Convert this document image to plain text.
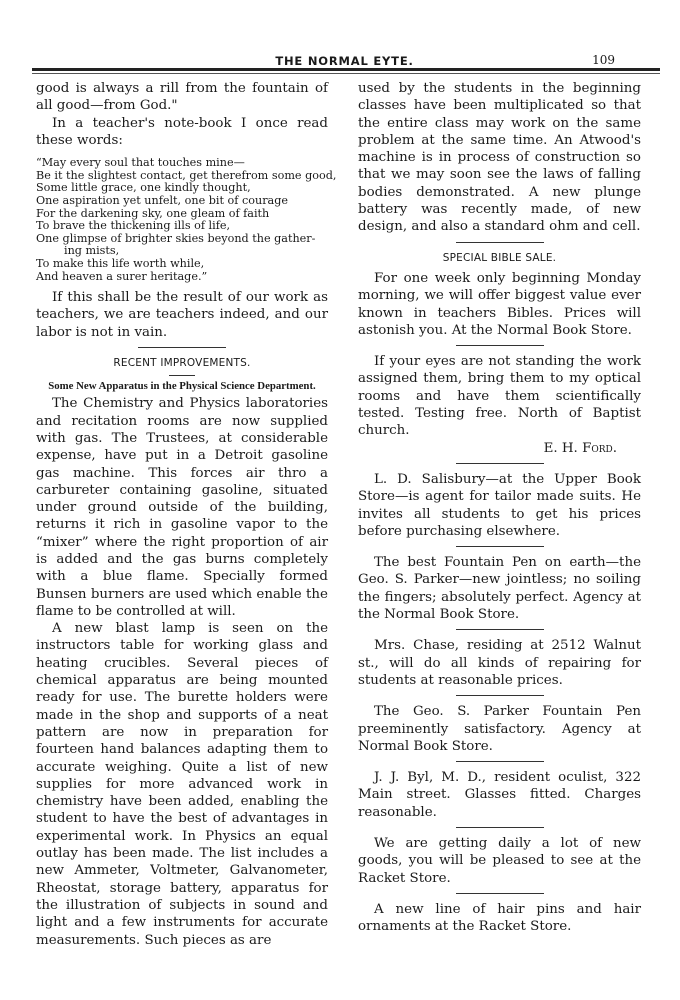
THE NORMAL EYTE.	109

good is always a rill from the fountain of all good—from God."

In a teacher's note-book I once read these words:

“May every soul that touches mine—
Be it the slightest contact, get therefrom some good,
Some little grace, one kindly thought,
One aspiration yet unfelt, one bit of courage
For the darkening sky, one gleam of faith
To brave the thickening ills of life,
One glimpse of brighter skies beyond the gather-
ing mists,
To make this life worth while,
And heaven a surer heritage.”

If this shall be the result of our work as teachers, we are teachers indeed, and our labor is not in vain.

RECENT IMPROVEMENTS.
Some New Apparatus in the Physical Science Department.

The Chemistry and Physics laboratories and recitation rooms are now supplied with gas. The Trustees, at considerable expense, have put in a Detroit gasoline gas machine. This forces air thro a carbureter containing gasoline, situated under ground outside of the building, returns it rich in gasoline vapor to the “mixer” where the right proportion of air is added and the gas burns completely with a blue flame. Specially formed Bunsen burners are used which enable the flame to be controlled at will.

A new blast lamp is seen on the instructors table for working glass and heating crucibles. Several pieces of chemical apparatus are being mounted ready for use. The burette holders were made in the shop and supports of a neat pattern are now in preparation for fourteen hand balances adapting them to accurate weighing. Quite a list of new supplies for more advanced work in chemistry have been added, enabling the student to have the best of advantages in experimental work. In Physics an equal outlay has been made. The list includes a new Ammeter, Voltmeter, Galvanometer, Rheostat, storage battery, apparatus for the illustration of subjects in sound and light and a few instruments for accurate measurements. Such pieces as are

used by the students in the beginning classes have been multiplicated so that the entire class may work on the same problem at the same time. An Atwood's machine is in process of construction so that we may soon see the laws of falling bodies demonstrated. A new plunge battery was recently made, of new design, and also a standard ohm and cell.

SPECIAL BIBLE SALE.

For one week only beginning Monday morning, we will offer biggest value ever known in teachers Bibles. Prices will astonish you. At the Normal Book Store.

If your eyes are not standing the work assigned them, bring them to my optical rooms and have them scientifically tested. Testing free. North of Baptist church.

E. H. Ford.

L. D. Salisbury—at the Upper Book Store—is agent for tailor made suits. He invites all students to get his prices before purchasing elsewhere.

The best Fountain Pen on earth—the Geo. S. Parker—new jointless; no soiling the fingers; absolutely perfect. Agency at the Normal Book Store.

Mrs. Chase, residing at 2512 Walnut st., will do all kinds of repairing for students at reasonable prices.

The Geo. S. Parker Fountain Pen preeminently satisfactory. Agency at Normal Book Store.

J. J. Byl, M. D., resident oculist, 322 Main street. Glasses fitted. Charges reasonable.

We are getting daily a lot of new goods, you will be pleased to see at the Racket Store.

A new line of hair pins and hair ornaments at the Racket Store.
